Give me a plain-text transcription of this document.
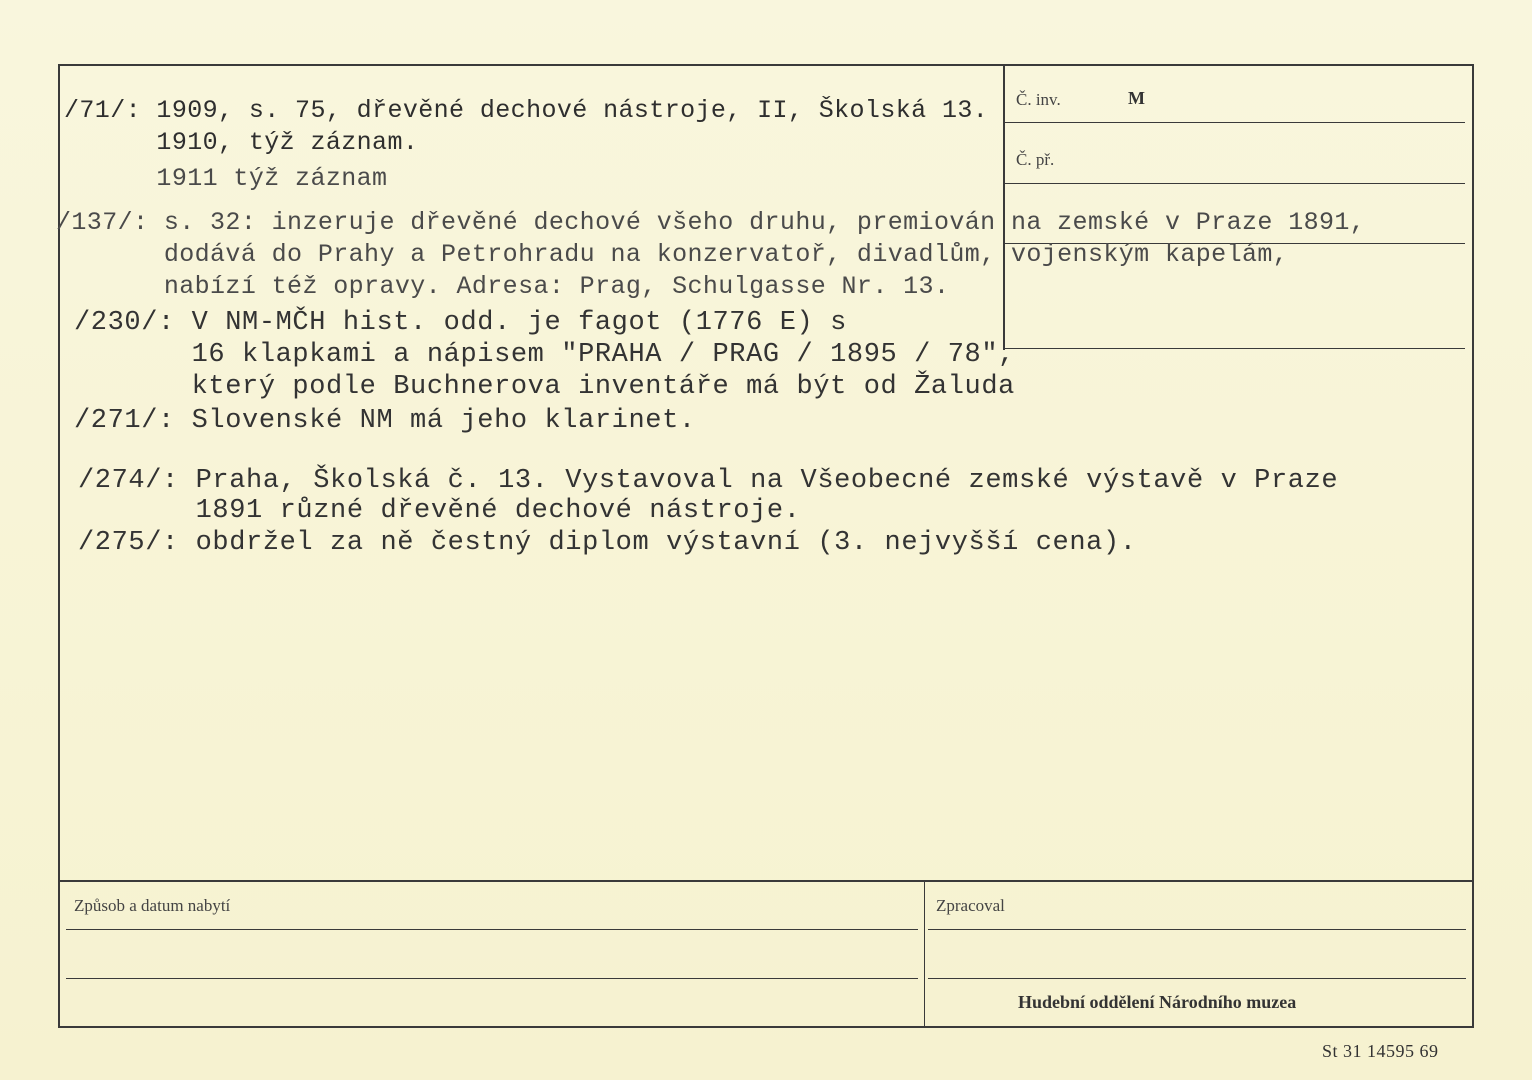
Č. inv.	M
Č. př.
/71/: 1909, s. 75, dřevěné dechové nástroje, II, Školská 13.
1910, týž záznam.
1911 týž záznam
/137/: s. 32: inzeruje dřevěné dechové všeho druhu, premiován na zemské v Praze 1891,
dodává do Prahy a Petrohradu na konzervatoř, divadlům, vojenským kapelám,
nabízí též opravy. Adresa: Prag, Schulgasse Nr. 13.
/230/: V NM-MČH hist. odd. je fagot (1776 E) s
16 klapkami a nápisem "PRAHA / PRAG / 1895 / 78",
který podle Buchnerova inventáře má být od Žaluda
/271/: Slovenské NM má jeho klarinet.
/274/: Praha, Školská č. 13. Vystavoval na Všeobecné zemské výstavě v Praze
1891 různé dřevěné dechové nástroje.
/275/: obdržel za ně čestný diplom výstavní (3. nejvyšší cena).
Způsob a datum nabytí	Zpracoval
Hudební oddělení Národního muzea
St 31 14595 69
